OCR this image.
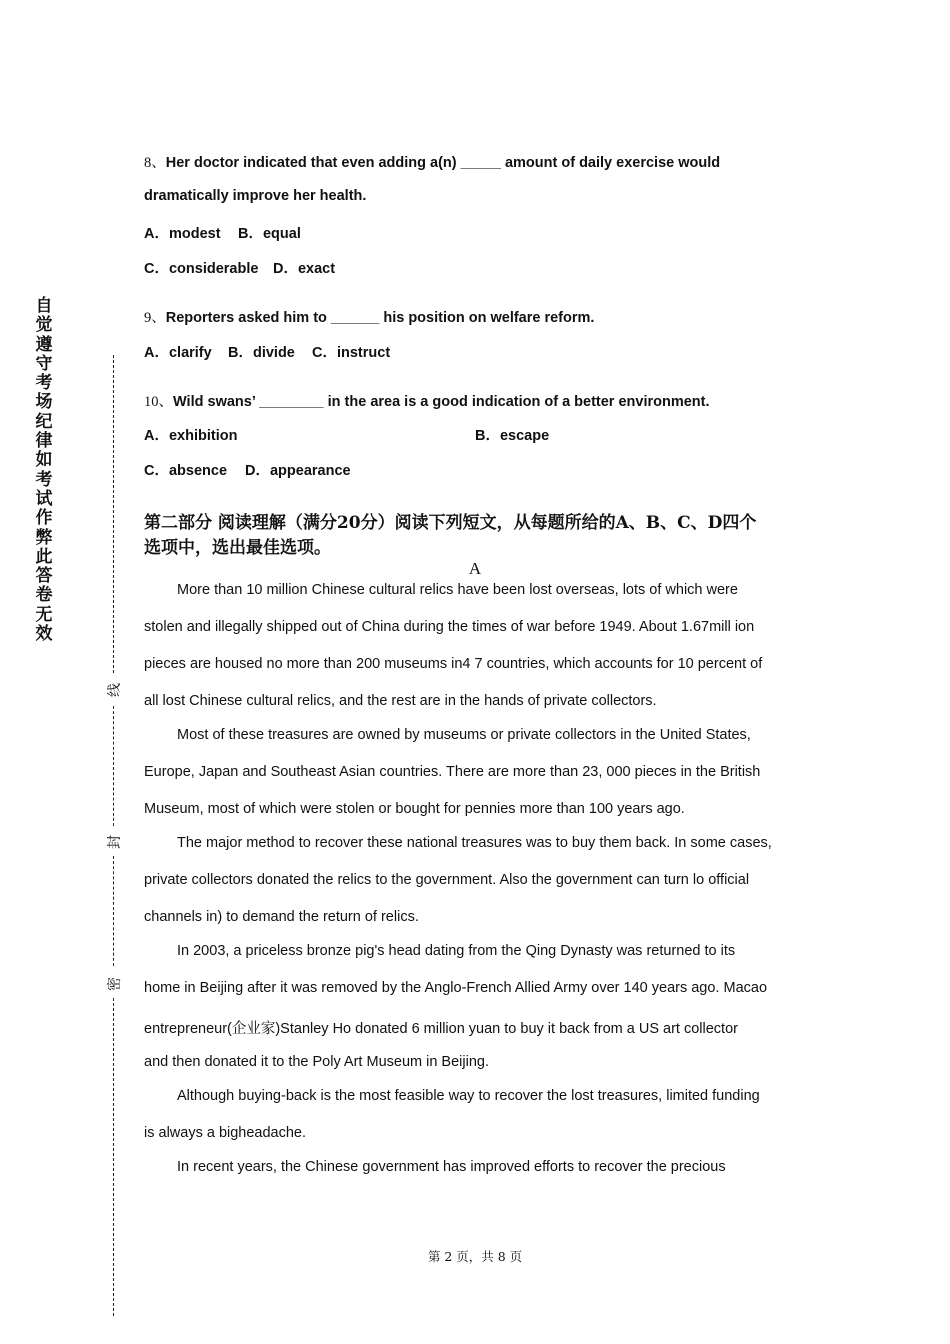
自
觉
遵
守
考
场
纪
律
如
考
试
作
弊
此
答
卷
无
效
线
封
密
8、Her doctor indicated that even adding a(n) _____ amount of daily exercise would
dramatically improve her health.
A．modest B．equal
C．considerable D．exact
9、Reporters asked him to ______ his position on welfare reform.
A．clarify B．divide C．instruct
10、Wild swans’ ________ in the area is a good indication of a better environment.
A．exhibition	B．escape
C．absence D．appearance
第二部分 阅读理解（满分20分）阅读下列短文，从每题所给的A、B、C、D四个
选项中，选出最佳选项。
A
More than 10 million Chinese cultural relics have been lost overseas, lots of which were
stolen and illegally shipped out of China during the times of war before 1949. About 1.67mill ion
pieces are housed no more than 200 museums in4 7 countries, which accounts for 10 percent of
all lost Chinese cultural relics, and the rest are in the hands of private collectors.
Most of these treasures are owned by museums or private collectors in the United States,
Europe, Japan and Southeast Asian countries. There are more than 23, 000 pieces in the British
Museum, most of which were stolen or bought for pennies more than 100 years ago.
The major method to recover these national treasures was to buy them back. In some cases,
private collectors donated the relics to the government. Also the government can turn lo official
channels in) to demand the return of relics.
In 2003, a priceless bronze pig's head dating from the Qing Dynasty was returned to its
home in Beijing after it was removed by the Anglo-French Allied Army over 140 years ago. Macao
entrepreneur(企业家)Stanley Ho donated 6 million yuan to buy it back from a US art collector
and then donated it to the Poly Art Museum in Beijing.
Although buying-back is the most feasible way to recover the lost treasures, limited funding
is always a bigheadache.
In recent years, the Chinese government has improved efforts to recover the precious
第 2 页，共 8 页
